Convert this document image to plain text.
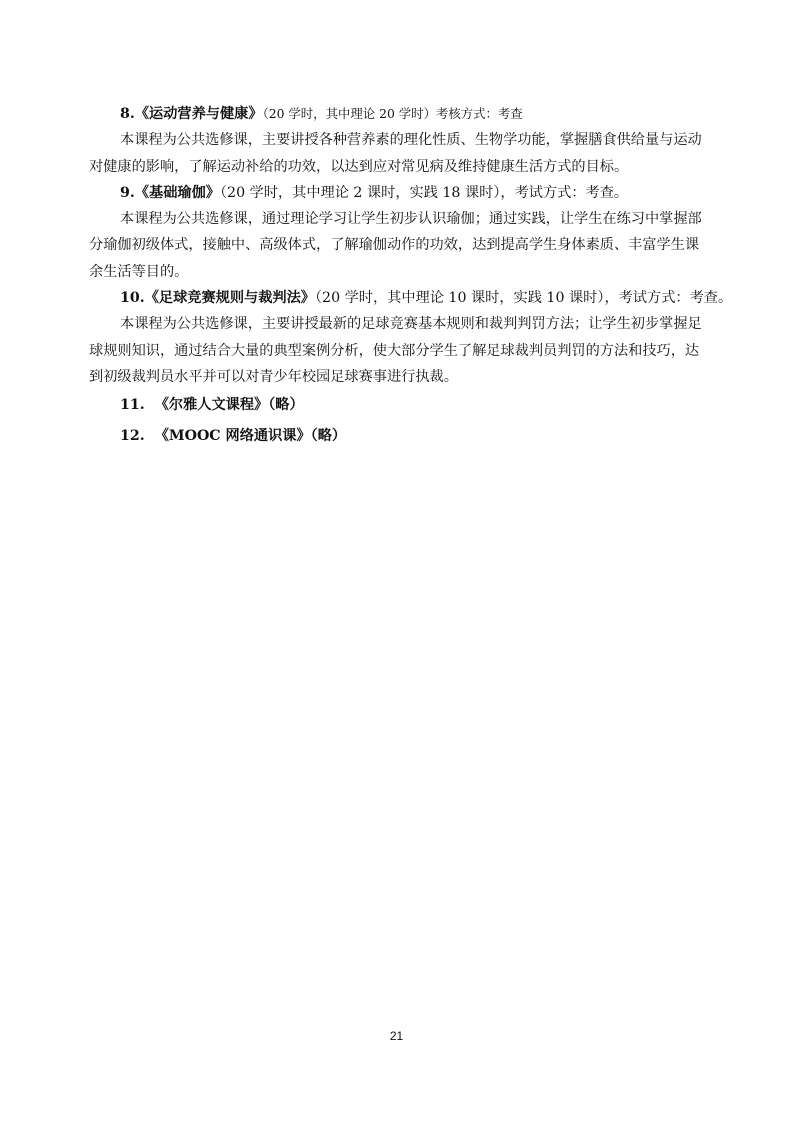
8.《运动营养与健康》（20 学时，其中理论 20 学时）考核方式：考查
本课程为公共选修课，主要讲授各种营养素的理化性质、生物学功能，掌握膳食供给量与运动
对健康的影响，了解运动补给的功效，以达到应对常见病及维持健康生活方式的目标。
9.《基础瑜伽》（20 学时，其中理论 2 课时，实践 18 课时），考试方式：考查。
本课程为公共选修课，通过理论学习让学生初步认识瑜伽；通过实践，让学生在练习中掌握部
分瑜伽初级体式，接触中、高级体式，了解瑜伽动作的功效，达到提高学生身体素质、丰富学生课
余生活等目的。
10.《足球竞赛规则与裁判法》（20 学时，其中理论 10 课时，实践 10 课时），考试方式：考查。
本课程为公共选修课，主要讲授最新的足球竞赛基本规则和裁判判罚方法；让学生初步掌握足
球规则知识，通过结合大量的典型案例分析，使大部分学生了解足球裁判员判罚的方法和技巧，达
到初级裁判员水平并可以对青少年校园足球赛事进行执裁。
11. 《尔雅人文课程》（略）
12. 《MOOC 网络通识课》（略）
21
